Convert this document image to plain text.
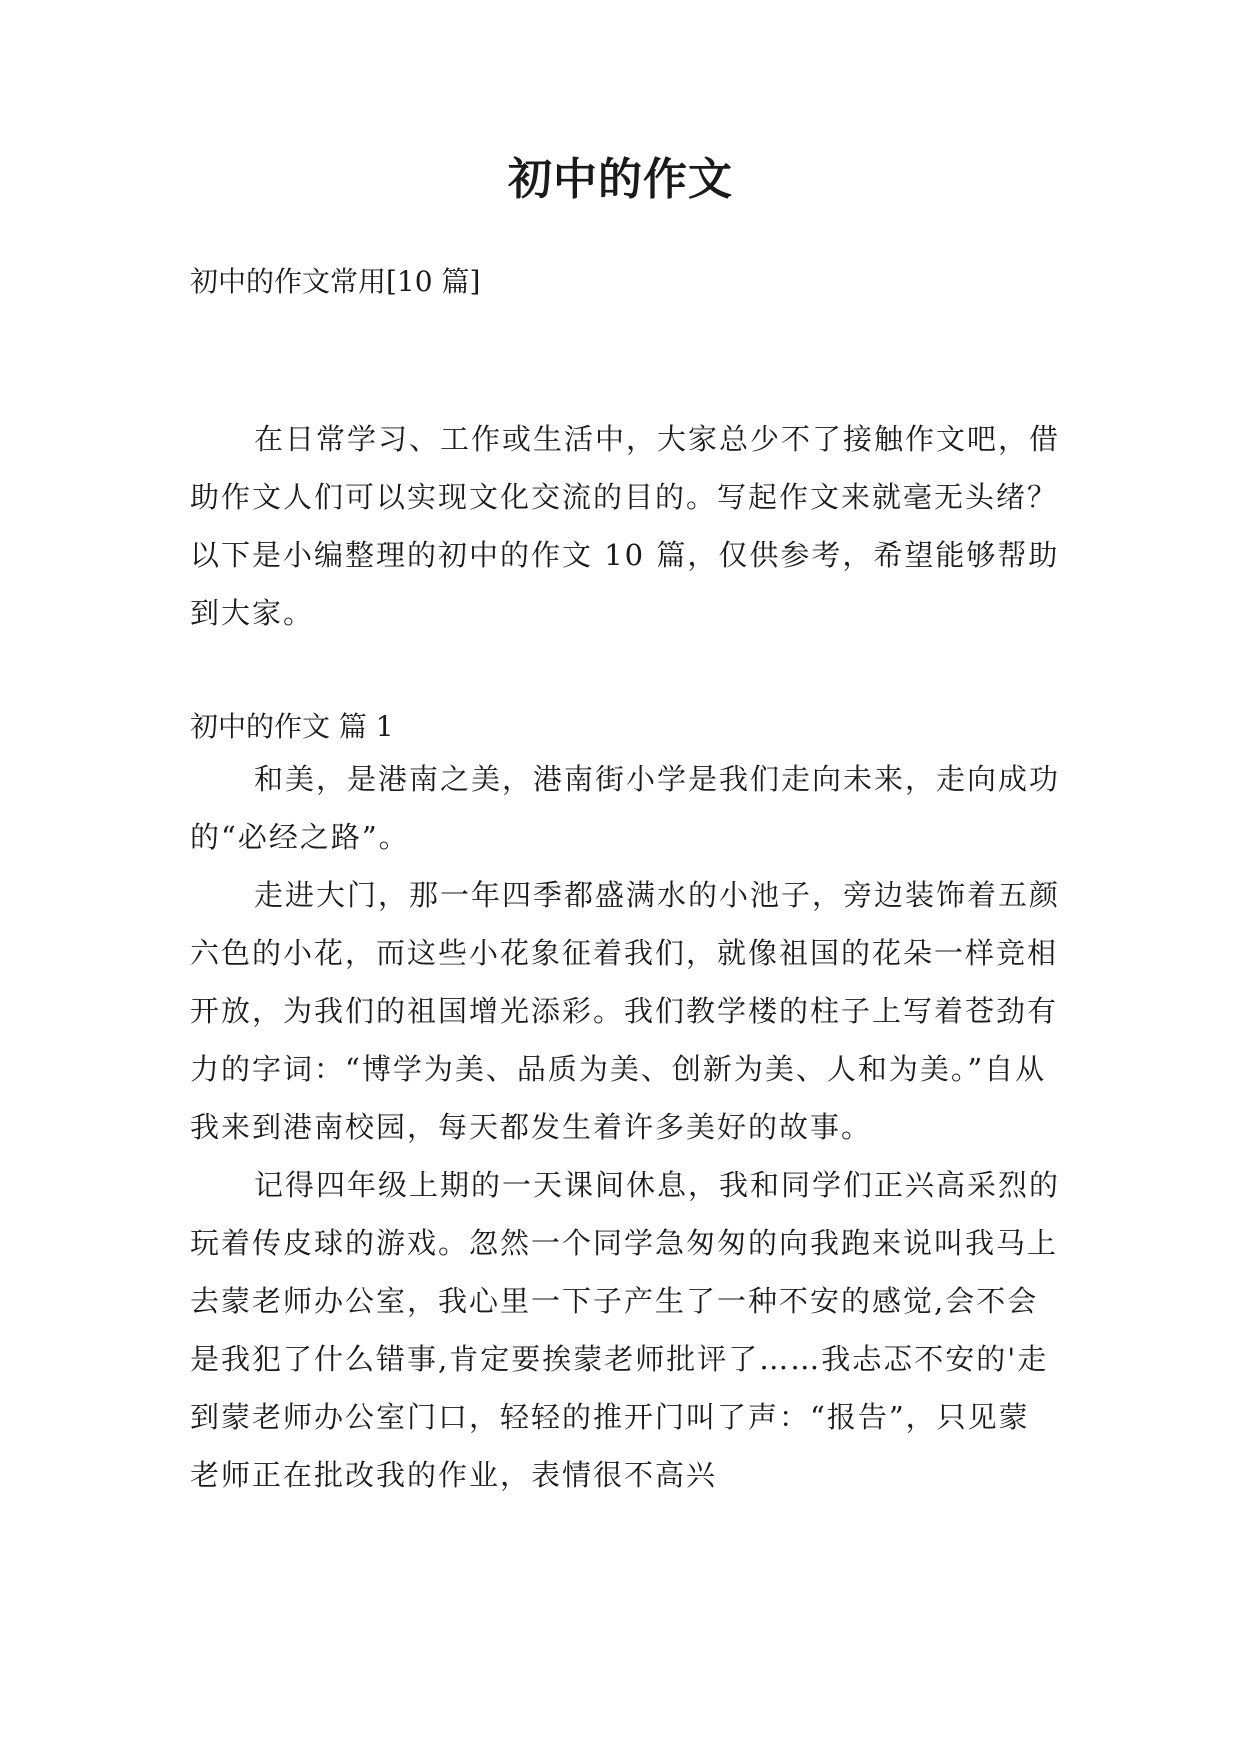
初中的作文

初中的作文常用[10 篇]

在日常学习、工作或生活中，大家总少不了接触作文吧，借助作文人们可以实现文化交流的目的。写起作文来就毫无头绪？以下是小编整理的初中的作文 10 篇，仅供参考，希望能够帮助到大家。

初中的作文 篇 1

和美，是港南之美，港南街小学是我们走向未来，走向成功的“必经之路”。

走进大门，那一年四季都盛满水的小池子，旁边装饰着五颜六色的小花，而这些小花象征着我们，就像祖国的花朵一样竞相开放，为我们的祖国增光添彩。我们教学楼的柱子上写着苍劲有力的字词：“博学为美、品质为美、创新为美、人和为美。”自从我来到港南校园，每天都发生着许多美好的故事。

记得四年级上期的一天课间休息，我和同学们正兴高采烈的玩着传皮球的游戏。忽然一个同学急匆匆的向我跑来说叫我马上去蒙老师办公室，我心里一下子产生了一种不安的感觉,会不会是我犯了什么错事,肯定要挨蒙老师批评了……我忐忑不安的'走到蒙老师办公室门口，轻轻的推开门叫了声：“报告”，只见蒙老师正在批改我的作业，表情很不高兴
